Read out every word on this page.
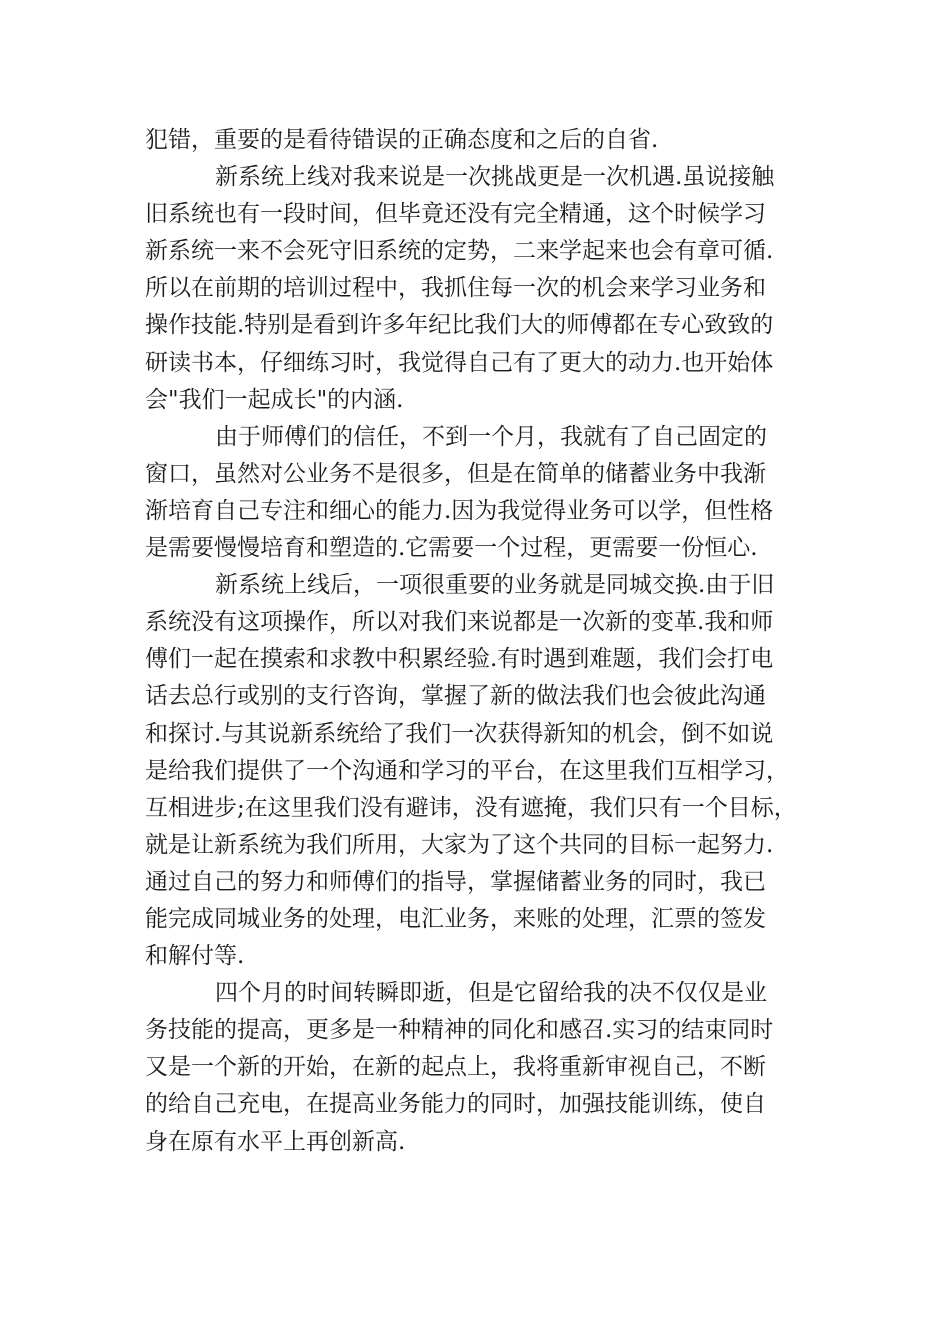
犯错，重要的是看待错误的正确态度和之后的自省.
新系统上线对我来说是一次挑战更是一次机遇.虽说接触
旧系统也有一段时间，但毕竟还没有完全精通，这个时候学习
新系统一来不会死守旧系统的定势，二来学起来也会有章可循.
所以在前期的培训过程中，我抓住每一次的机会来学习业务和
操作技能.特别是看到许多年纪比我们大的师傅都在专心致致的
研读书本，仔细练习时，我觉得自己有了更大的动力.也开始体
会"我们一起成长"的内涵.
由于师傅们的信任，不到一个月，我就有了自己固定的
窗口，虽然对公业务不是很多，但是在简单的储蓄业务中我渐
渐培育自己专注和细心的能力.因为我觉得业务可以学，但性格
是需要慢慢培育和塑造的.它需要一个过程，更需要一份恒心.
新系统上线后，一项很重要的业务就是同城交换.由于旧
系统没有这项操作，所以对我们来说都是一次新的变革.我和师
傅们一起在摸索和求教中积累经验.有时遇到难题，我们会打电
话去总行或别的支行咨询，掌握了新的做法我们也会彼此沟通
和探讨.与其说新系统给了我们一次获得新知的机会，倒不如说
是给我们提供了一个沟通和学习的平台，在这里我们互相学习，
互相进步;在这里我们没有避讳，没有遮掩，我们只有一个目标，
就是让新系统为我们所用，大家为了这个共同的目标一起努力.
通过自己的努力和师傅们的指导，掌握储蓄业务的同时，我已
能完成同城业务的处理，电汇业务，来账的处理，汇票的签发
和解付等.
四个月的时间转瞬即逝，但是它留给我的决不仅仅是业
务技能的提高，更多是一种精神的同化和感召.实习的结束同时
又是一个新的开始，在新的起点上，我将重新审视自己，不断
的给自己充电，在提高业务能力的同时，加强技能训练，使自
身在原有水平上再创新高.
